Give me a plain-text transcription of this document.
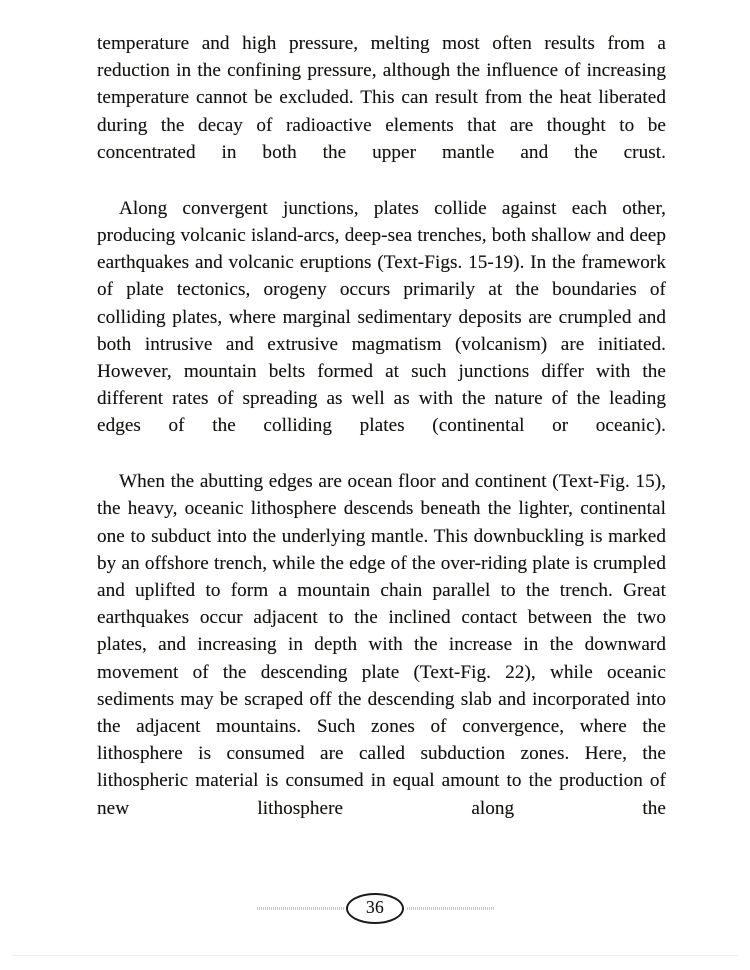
temperature and high pressure, melting most often results from a reduction in the confining pressure, although the influence of increasing temperature cannot be excluded. This can result from the heat liberated during the decay of radioactive elements that are thought to be concentrated in both the upper mantle and the crust.

Along convergent junctions, plates collide against each other, producing volcanic island-arcs, deep-sea trenches, both shallow and deep earthquakes and volcanic eruptions (Text-Figs. 15-19). In the framework of plate tectonics, orogeny occurs primarily at the boundaries of colliding plates, where marginal sedimentary deposits are crumpled and both intrusive and extrusive magmatism (volcanism) are initiated. However, mountain belts formed at such junctions differ with the different rates of spreading as well as with the nature of the leading edges of the colliding plates (continental or oceanic).

When the abutting edges are ocean floor and continent (Text-Fig. 15), the heavy, oceanic lithosphere descends beneath the lighter, continental one to subduct into the underlying mantle. This downbuckling is marked by an offshore trench, while the edge of the over-riding plate is crumpled and uplifted to form a mountain chain parallel to the trench. Great earthquakes occur adjacent to the inclined contact between the two plates, and increasing in depth with the increase in the downward movement of the descending plate (Text-Fig. 22), while oceanic sediments may be scraped off the descending slab and incorporated into the adjacent mountains. Such zones of convergence, where the lithosphere is consumed are called subduction zones. Here, the lithospheric material is consumed in equal amount to the production of new lithosphere along the

36
